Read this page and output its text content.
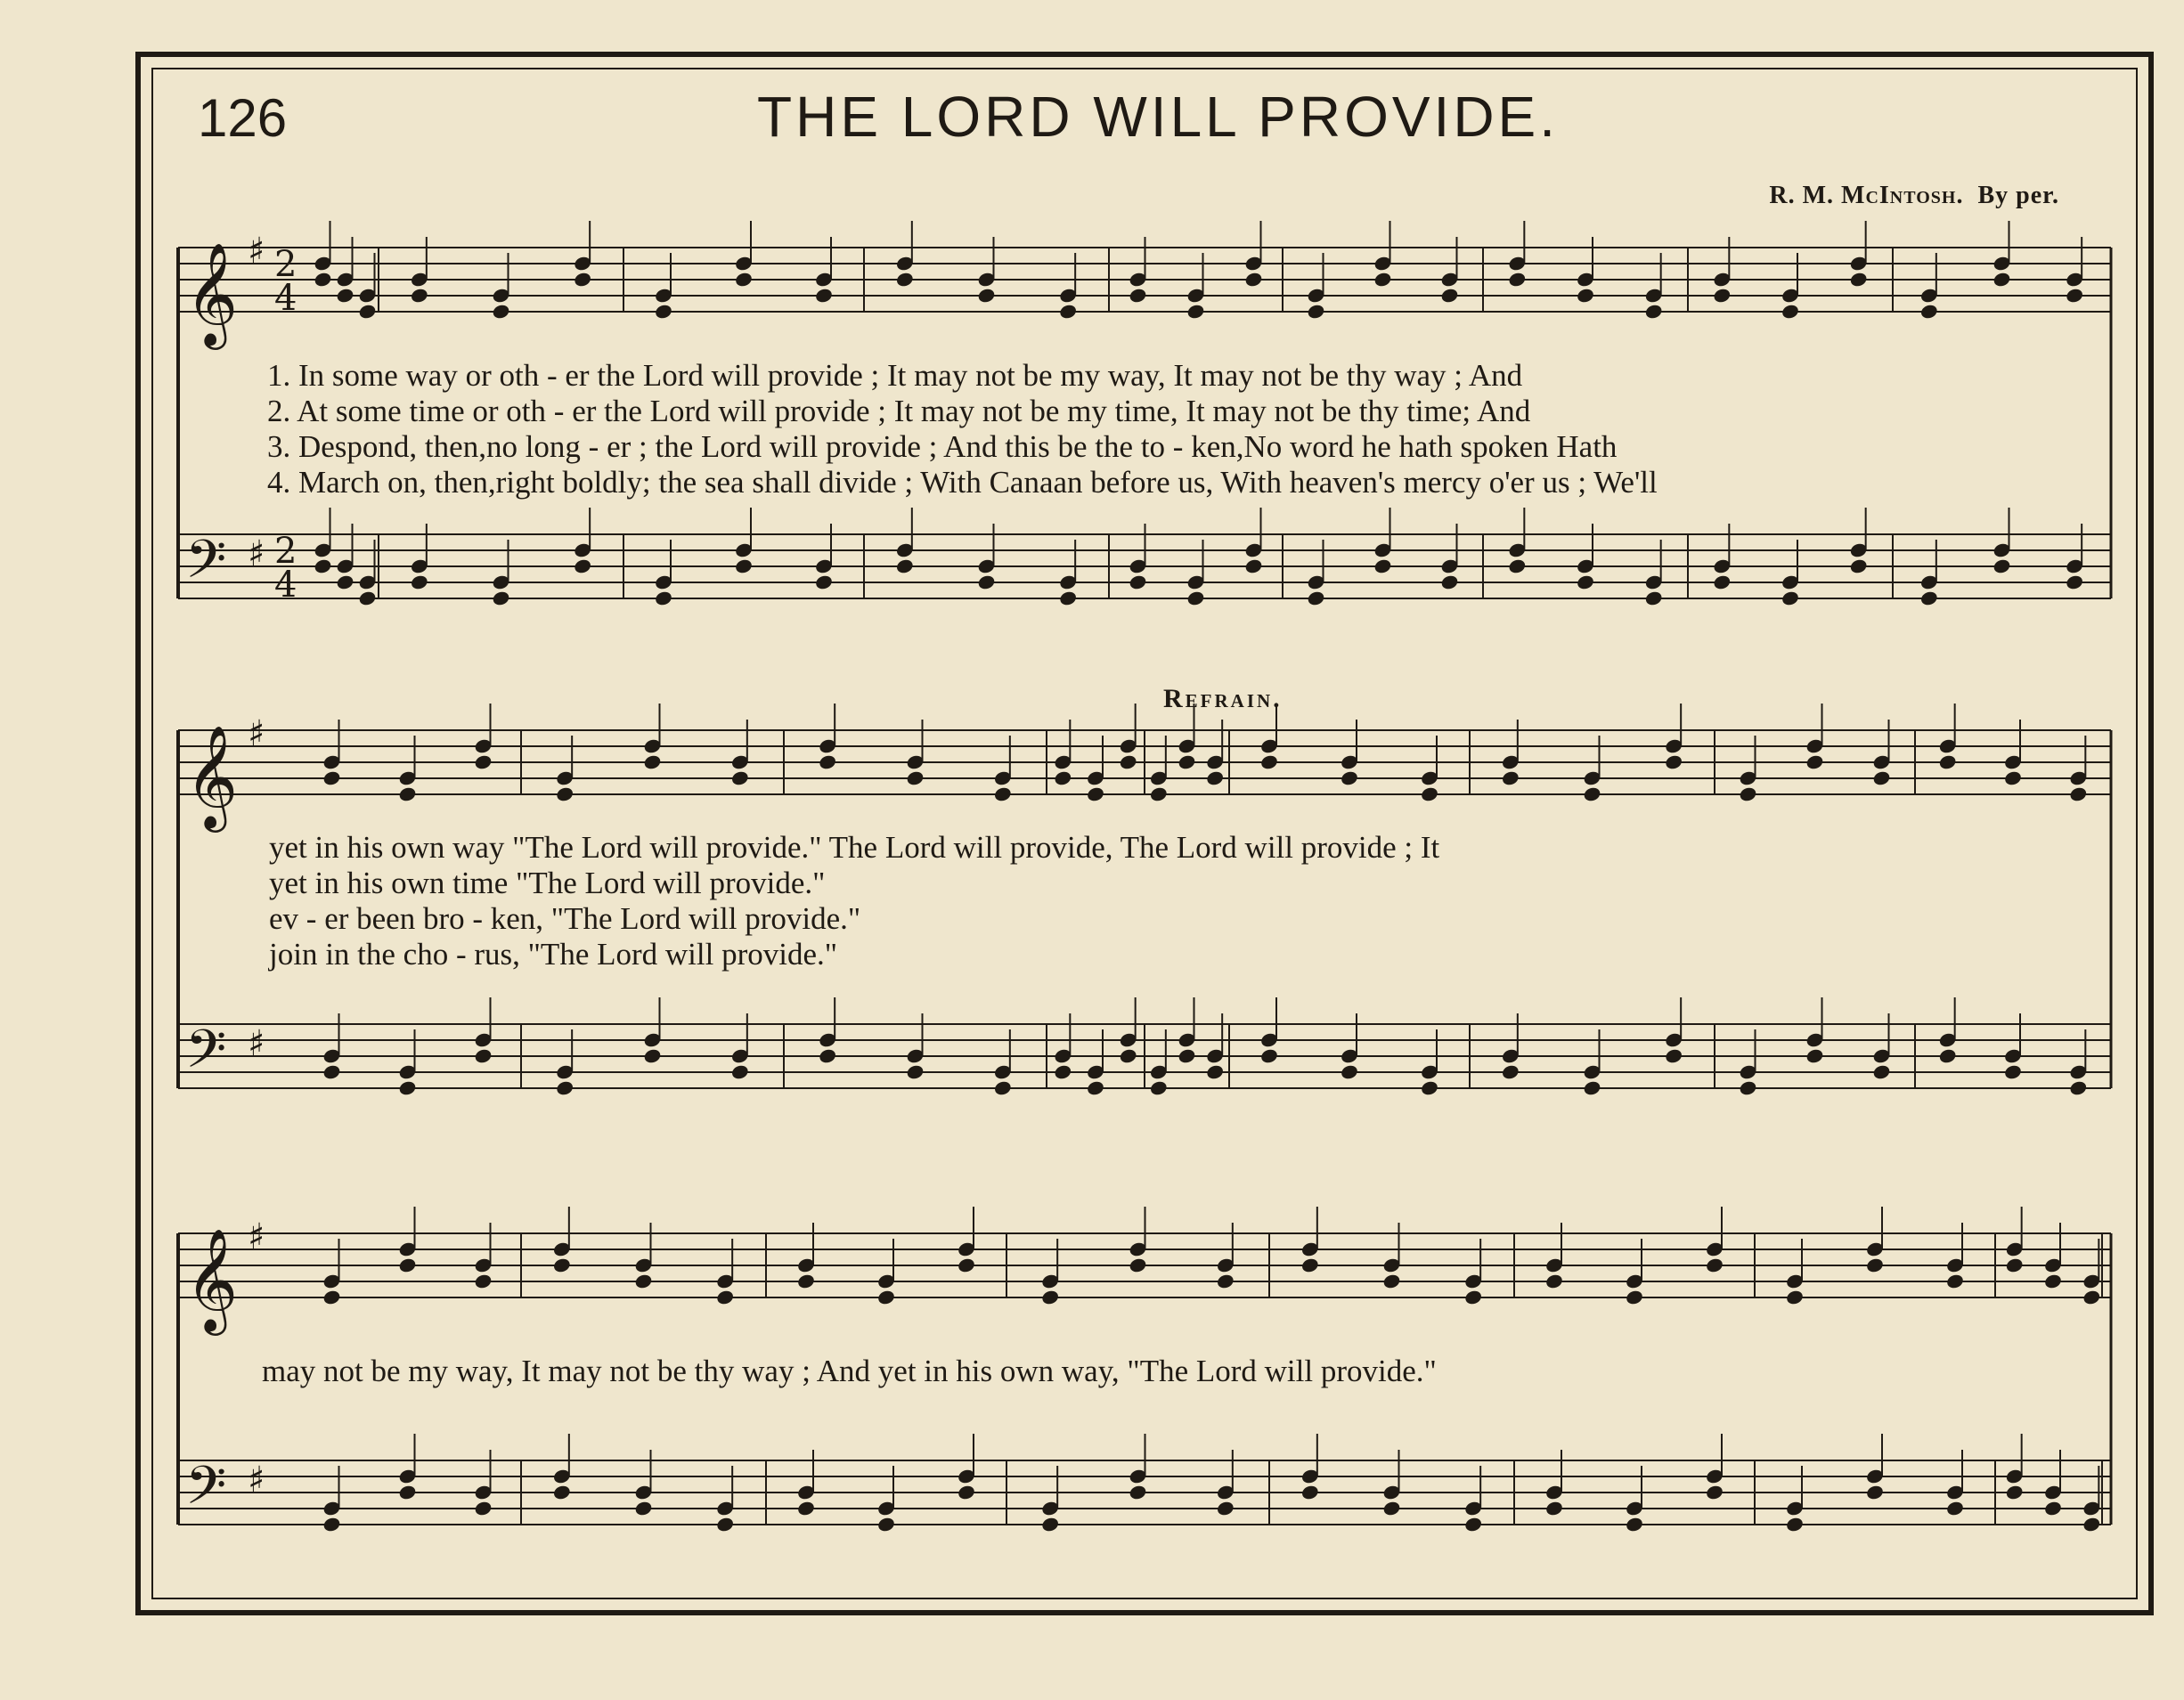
126	THE LORD WILL PROVIDE.
R. M. McIntosh. By per.
Refrain.
1. In some way or oth - er the Lord will provide ; It may not be my way, It may not be thy way ; And
2. At some time or oth - er the Lord will provide ; It may not be my time, It may not be thy time; And
3. Despond, then,no long - er ; the Lord will provide ; And this be the to - ken,No word he hath spoken Hath
4. March on, then,right boldly; the sea shall divide ; With Canaan before us, With heaven's mercy o'er us ; We'll
yet in his own way "The Lord will provide." The Lord will provide, The Lord will provide ; It
yet in his own time "The Lord will provide."
ev - er been bro - ken, "The Lord will provide."
join in the cho - rus, "The Lord will provide."
may not be my way, It may not be thy way ; And yet in his own way, "The Lord will provide."
𝄞 ♯ 2
4
𝄢 ♯ 2
4
𝄞 ♯
𝄢 ♯
𝄞 ♯
𝄢 ♯
